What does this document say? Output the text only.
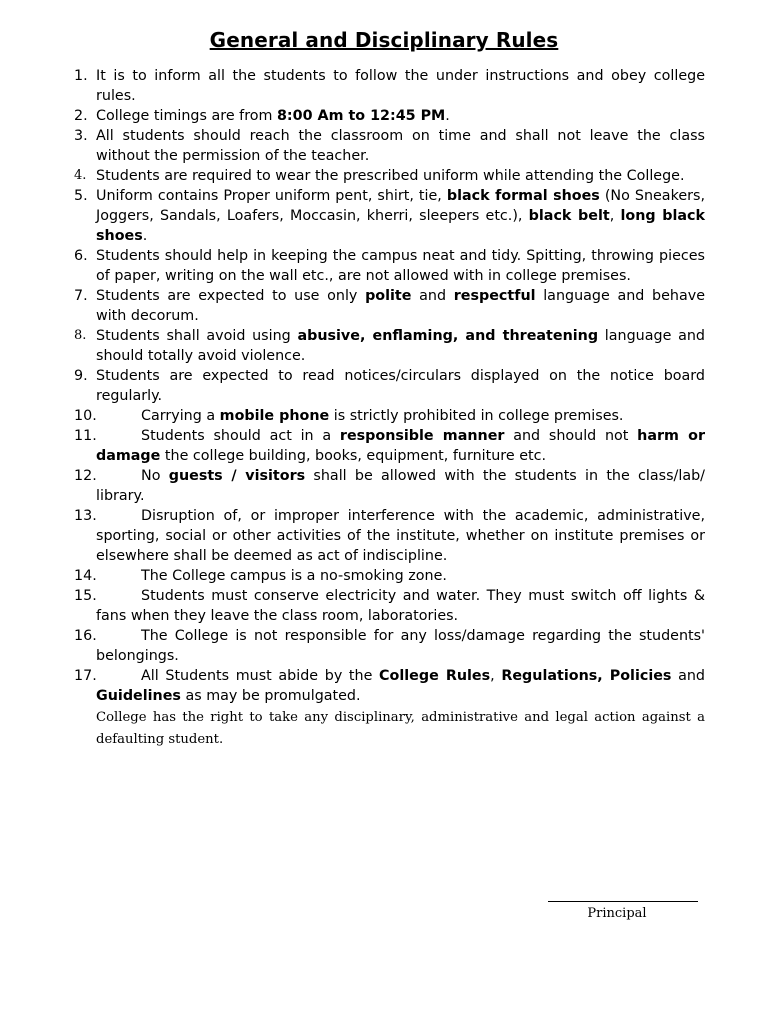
General and Disciplinary Rules
1. It is to inform all the students to follow the under instructions and obey college rules.
2. College timings are from 8:00 Am to 12:45 PM.
3. All students should reach the classroom on time and shall not leave the class without the permission of the teacher.
4. Students are required to wear the prescribed uniform while attending the College.
5. Uniform contains Proper uniform pent, shirt, tie, black formal shoes (No Sneakers, Joggers, Sandals, Loafers, Moccasin, kherri, sleepers etc.), black belt, long black shoes.
6. Students should help in keeping the campus neat and tidy. Spitting, throwing pieces of paper, writing on the wall etc., are not allowed with in college premises.
7. Students are expected to use only polite and respectful language and behave with decorum.
8. Students shall avoid using abusive, enflaming, and threatening language and should totally avoid violence.
9. Students are expected to read notices/circulars displayed on the notice board regularly.
10.	Carrying a mobile phone is strictly prohibited in college premises.
11.	Students should act in a responsible manner and should not harm or damage the college building, books, equipment, furniture etc.
12.	No guests / visitors shall be allowed with the students in the class/lab/ library.
13.	Disruption of, or improper interference with the academic, administrative, sporting, social or other activities of the institute, whether on institute premises or elsewhere shall be deemed as act of indiscipline.
14.	The College campus is a no-smoking zone.
15.	Students must conserve electricity and water. They must switch off lights & fans when they leave the class room, laboratories.
16.	The College is not responsible for any loss/damage regarding the students' belongings.
17.	All Students must abide by the College Rules, Regulations, Policies and Guidelines as may be promulgated.
College has the right to take any disciplinary, administrative and legal action against a defaulting student.
Principal
